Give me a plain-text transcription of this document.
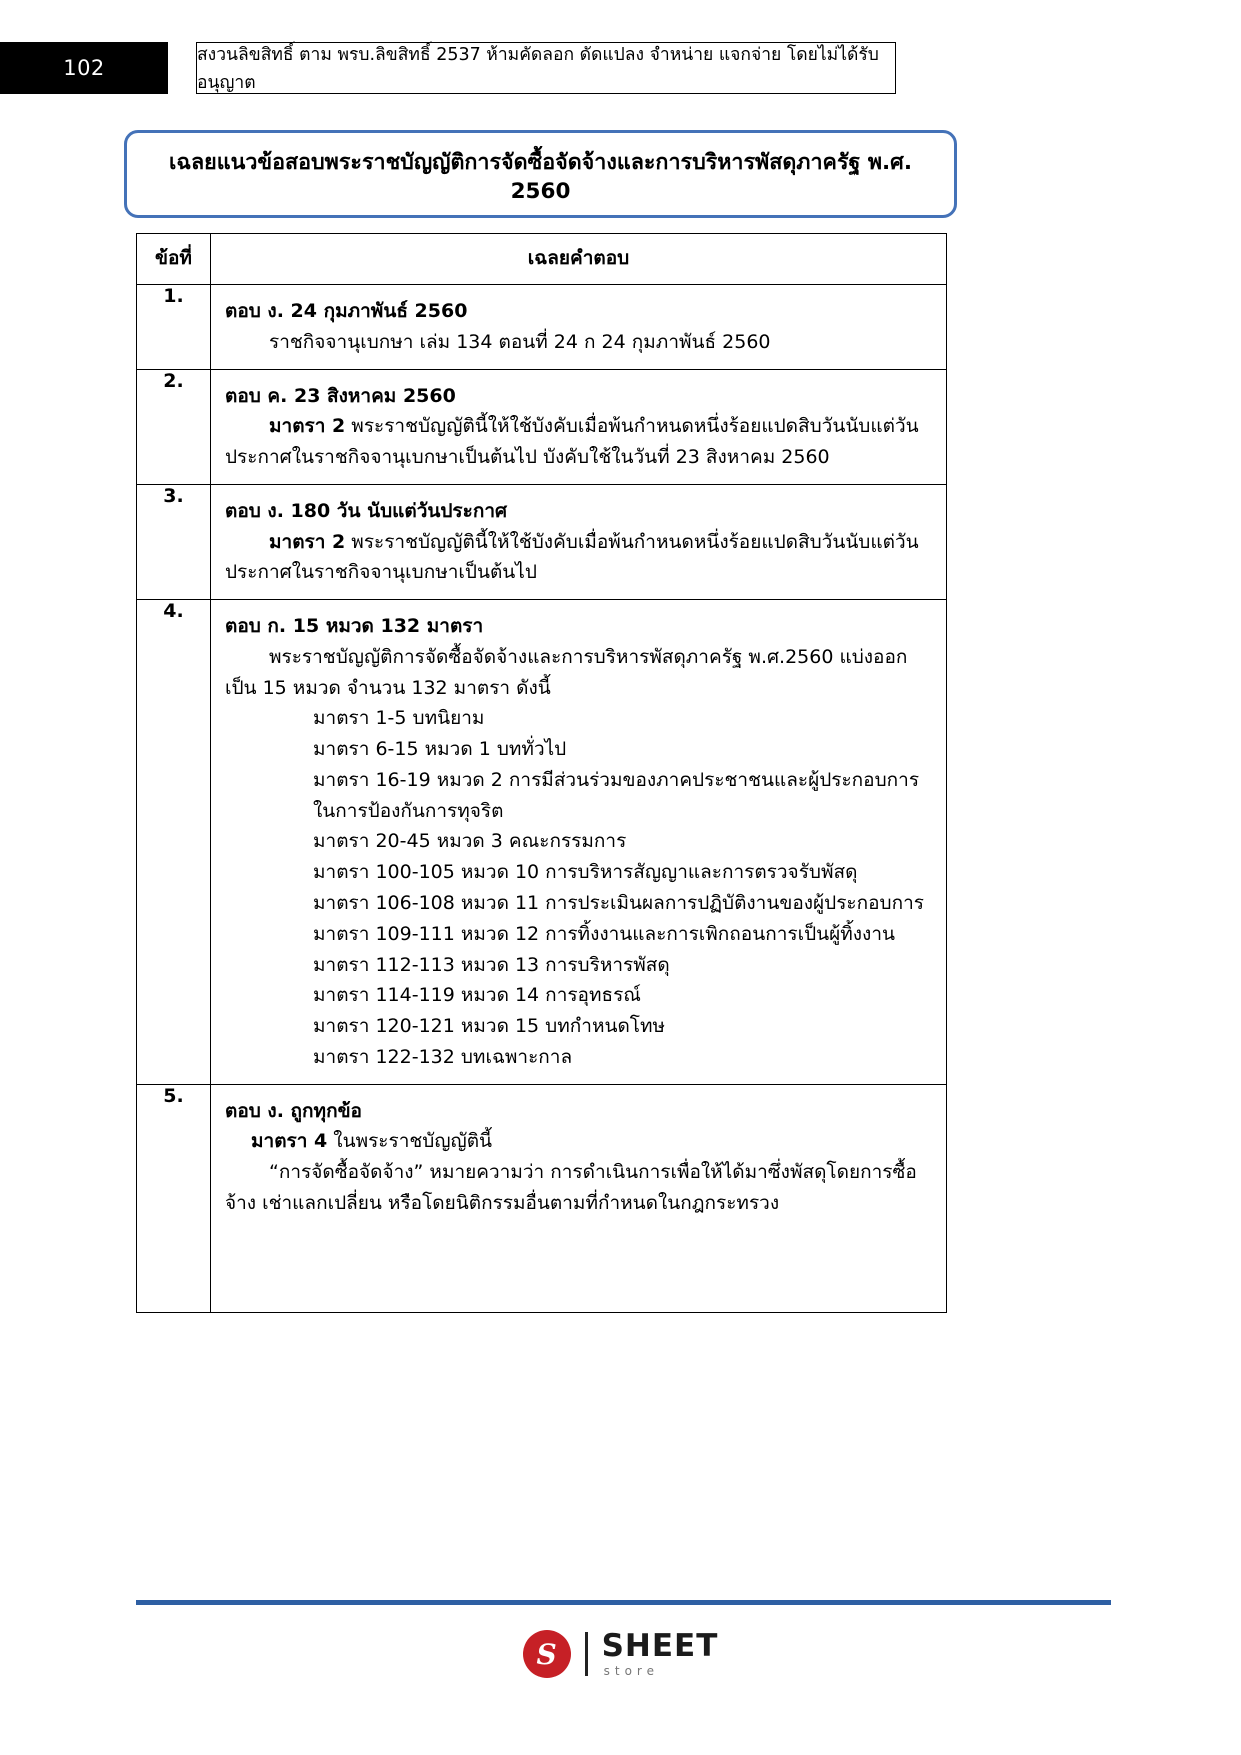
102
สงวนลิขสิทธิ์ ตาม พรบ.ลิขสิทธิ์ 2537 ห้ามคัดลอก ดัดแปลง จำหน่าย แจกจ่าย โดยไม่ได้รับอนุญาต
เฉลยแนวข้อสอบพระราชบัญญัติการจัดซื้อจัดจ้างและการบริหารพัสดุภาครัฐ พ.ศ. 2560
ข้อที่	เฉลยคำตอบ
1.	ตอบ ง. 24 กุมภาพันธ์ 2560

ราชกิจจานุเบกษา เล่ม 134 ตอนที่ 24 ก 24 กุมภาพันธ์ 2560

2.	ตอบ ค. 23 สิงหาคม 2560

มาตรา 2 พระราชบัญญัตินี้ให้ใช้บังคับเมื่อพ้นกำหนดหนึ่งร้อยแปดสิบวันนับแต่วันประกาศในราชกิจจานุเบกษาเป็นต้นไป บังคับใช้ในวันที่ 23 สิงหาคม 2560

3.	ตอบ ง. 180 วัน นับแต่วันประกาศ

มาตรา 2 พระราชบัญญัตินี้ให้ใช้บังคับเมื่อพ้นกำหนดหนึ่งร้อยแปดสิบวันนับแต่วันประกาศในราชกิจจานุเบกษาเป็นต้นไป

4.	

ตอบ ก. 15 หมวด 132 มาตรา

พระราชบัญญัติการจัดซื้อจัดจ้างและการบริหารพัสดุภาครัฐ พ.ศ.2560 แบ่งออกเป็น 15 หมวด จำนวน 132 มาตรา ดังนี้

มาตรา 1-5 บทนิยาม

มาตรา 6-15 หมวด 1 บททั่วไป

มาตรา 16-19 หมวด 2 การมีส่วนร่วมของภาคประชาชนและผู้ประกอบการในการป้องกันการทุจริต

มาตรา 20-45 หมวด 3 คณะกรรมการ

มาตรา 100-105 หมวด 10 การบริหารสัญญาและการตรวจรับพัสดุ

มาตรา 106-108 หมวด 11 การประเมินผลการปฏิบัติงานของผู้ประกอบการ

มาตรา 109-111 หมวด 12 การทิ้งงานและการเพิกถอนการเป็นผู้ทิ้งงาน

มาตรา 112-113 หมวด 13 การบริหารพัสดุ

มาตรา 114-119 หมวด 14 การอุทธรณ์

มาตรา 120-121 หมวด 15 บทกำหนดโทษ

มาตรา 122-132 บทเฉพาะกาล

5.	ตอบ ง. ถูกทุกข้อ

มาตรา 4 ในพระราชบัญญัตินี้

“การจัดซื้อจัดจ้าง” หมายความว่า การดำเนินการเพื่อให้ได้มาซึ่งพัสดุโดยการซื้อ จ้าง เช่าแลกเปลี่ยน หรือโดยนิติกรรมอื่นตามที่กำหนดในกฎกระทรวง

S SHEET
store
